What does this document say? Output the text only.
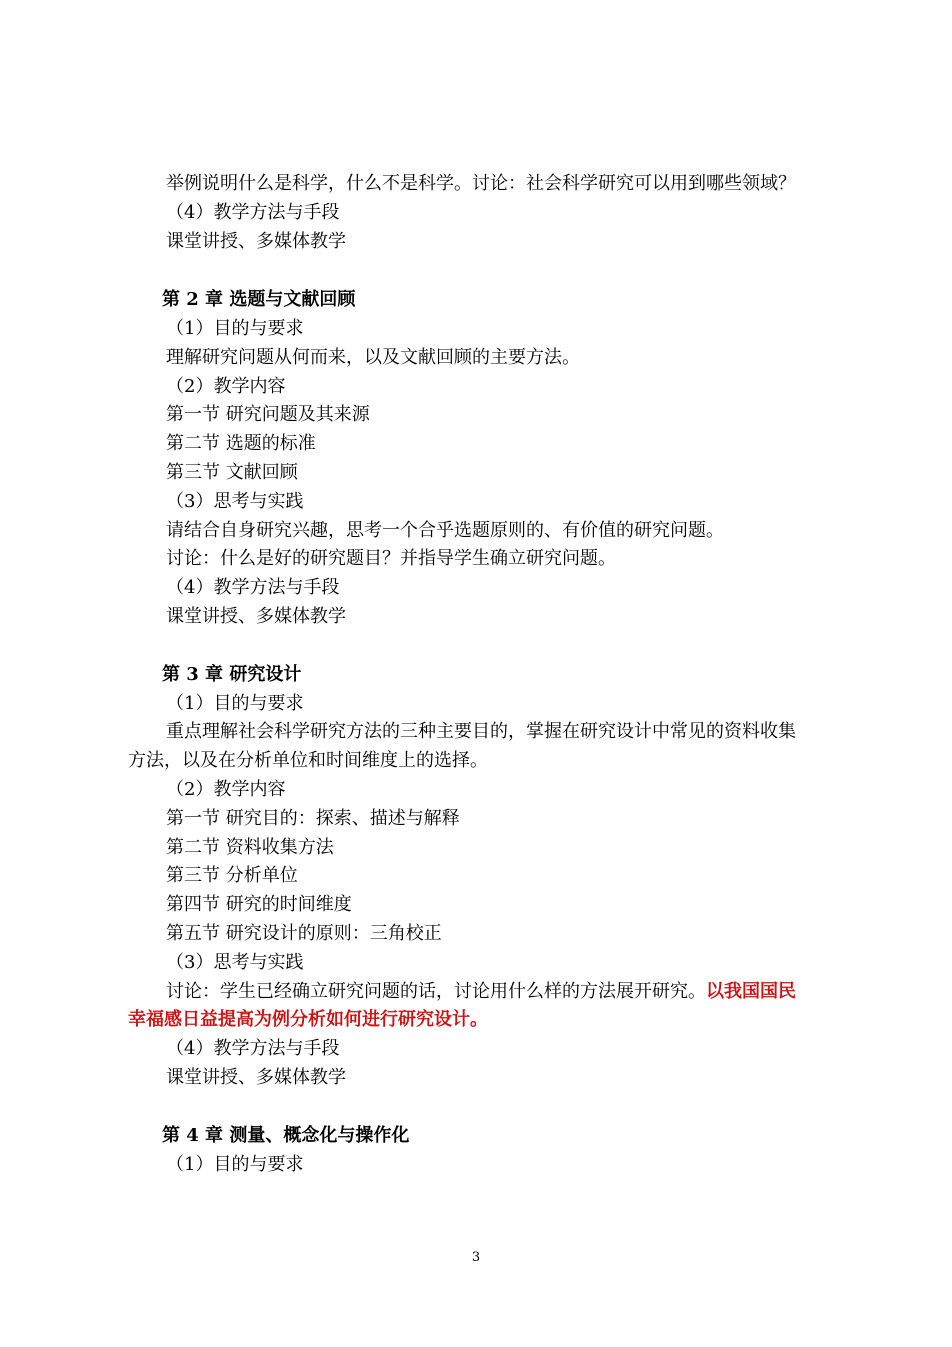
举例说明什么是科学，什么不是科学。讨论：社会科学研究可以用到哪些领域？
（4）教学方法与手段
课堂讲授、多媒体教学
第 2 章 选题与文献回顾
（1）目的与要求
理解研究问题从何而来，以及文献回顾的主要方法。
（2）教学内容
第一节 研究问题及其来源
第二节 选题的标准
第三节 文献回顾
（3）思考与实践
请结合自身研究兴趣，思考一个合乎选题原则的、有价值的研究问题。
讨论：什么是好的研究题目？并指导学生确立研究问题。
（4）教学方法与手段
课堂讲授、多媒体教学
第 3 章 研究设计
（1）目的与要求
重点理解社会科学研究方法的三种主要目的，掌握在研究设计中常见的资料收集
方法，以及在分析单位和时间维度上的选择。
（2）教学内容
第一节 研究目的：探索、描述与解释
第二节 资料收集方法
第三节 分析单位
第四节 研究的时间维度
第五节 研究设计的原则：三角校正
（3）思考与实践
讨论：学生已经确立研究问题的话，讨论用什么样的方法展开研究。以我国国民
幸福感日益提高为例分析如何进行研究设计。
（4）教学方法与手段
课堂讲授、多媒体教学
第 4 章 测量、概念化与操作化
（1）目的与要求
3
